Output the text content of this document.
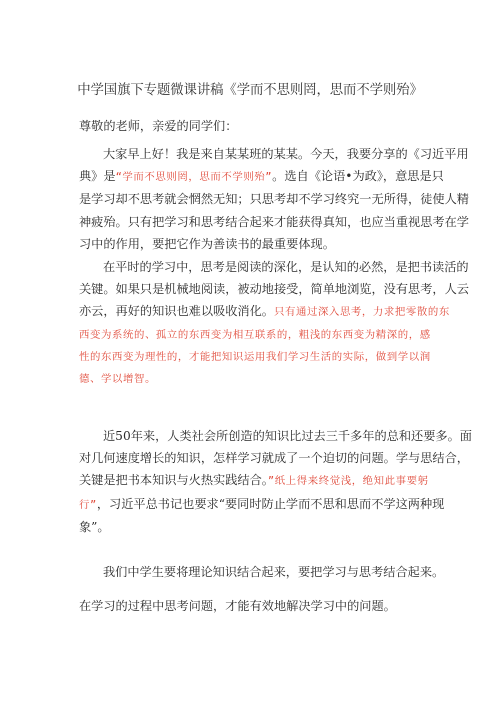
中学国旗下专题微课讲稿《学而不思则罔，思而不学则殆》

尊敬的老师，亲爱的同学们：

大家早上好！我是来自某某班的某某。今天，我要分享的《习近平用
典》是“学而不思则罔，思而不学则殆”。选自《论语•为政》，意思是只
是学习却不思考就会惘然无知；只思考却不学习终究一无所得，徒使人精
神疲殆。只有把学习和思考结合起来才能获得真知，也应当重视思考在学
习中的作用，要把它作为善读书的最重要体现。
在平时的学习中，思考是阅读的深化，是认知的必然，是把书读活的
关键。如果只是机械地阅读，被动地接受，简单地浏览，没有思考，人云
亦云，再好的知识也难以吸收消化。只有通过深入思考，力求把零散的东
西变为系统的、孤立的东西变为相互联系的，粗浅的东西变为精深的，感
性的东西变为理性的，才能把知识运用我们学习生活的实际，做到学以润
德、学以增智。
近50年来，人类社会所创造的知识比过去三千多年的总和还要多。面
对几何速度增长的知识，怎样学习就成了一个迫切的问题。学与思结合，
关键是把书本知识与火热实践结合。”纸上得来终觉浅，绝知此事要躬
行”，习近平总书记也要求“要同时防止学而不思和思而不学这两种现
象”。
我们中学生要将理论知识结合起来，要把学习与思考结合起来。

在学习的过程中思考问题，才能有效地解决学习中的问题。
